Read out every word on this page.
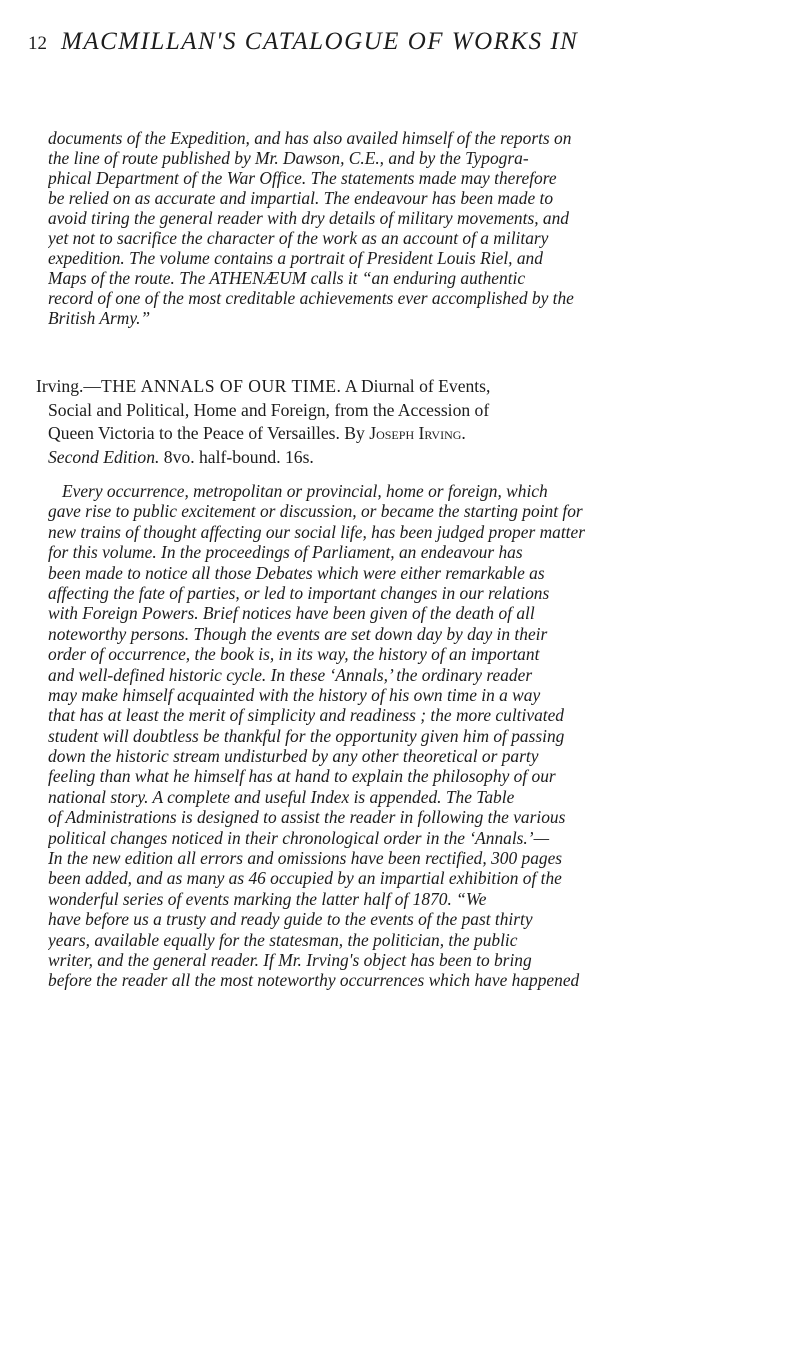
12 MACMILLAN'S CATALOGUE OF WORKS IN
documents of the Expedition, and has also availed himself of the reports on
the line of route published by Mr. Dawson, C.E., and by the Typogra-
phical Department of the War Office. The statements made may therefore
be relied on as accurate and impartial. The endeavour has been made to
avoid tiring the general reader with dry details of military movements, and
yet not to sacrifice the character of the work as an account of a military
expedition. The volume contains a portrait of President Louis Riel, and
Maps of the route. The ATHENÆUM calls it “an enduring authentic
record of one of the most creditable achievements ever accomplished by the
British Army.”
Irving.—THE ANNALS OF OUR TIME. A Diurnal of Events,
Social and Political, Home and Foreign, from the Accession of
Queen Victoria to the Peace of Versailles. By Joseph Irving.
Second Edition. 8vo. half-bound. 16s.
Every occurrence, metropolitan or provincial, home or foreign, which
gave rise to public excitement or discussion, or became the starting point for
new trains of thought affecting our social life, has been judged proper matter
for this volume. In the proceedings of Parliament, an endeavour has
been made to notice all those Debates which were either remarkable as
affecting the fate of parties, or led to important changes in our relations
with Foreign Powers. Brief notices have been given of the death of all
noteworthy persons. Though the events are set down day by day in their
order of occurrence, the book is, in its way, the history of an important
and well-defined historic cycle. In these ‘Annals,’ the ordinary reader
may make himself acquainted with the history of his own time in a way
that has at least the merit of simplicity and readiness ; the more cultivated
student will doubtless be thankful for the opportunity given him of passing
down the historic stream undisturbed by any other theoretical or party
feeling than what he himself has at hand to explain the philosophy of our
national story. A complete and useful Index is appended. The Table
of Administrations is designed to assist the reader in following the various
political changes noticed in their chronological order in the ‘Annals.’—
In the new edition all errors and omissions have been rectified, 300 pages
been added, and as many as 46 occupied by an impartial exhibition of the
wonderful series of events marking the latter half of 1870. “We
have before us a trusty and ready guide to the events of the past thirty
years, available equally for the statesman, the politician, the public
writer, and the general reader. If Mr. Irving's object has been to bring
before the reader all the most noteworthy occurrences which have happened
